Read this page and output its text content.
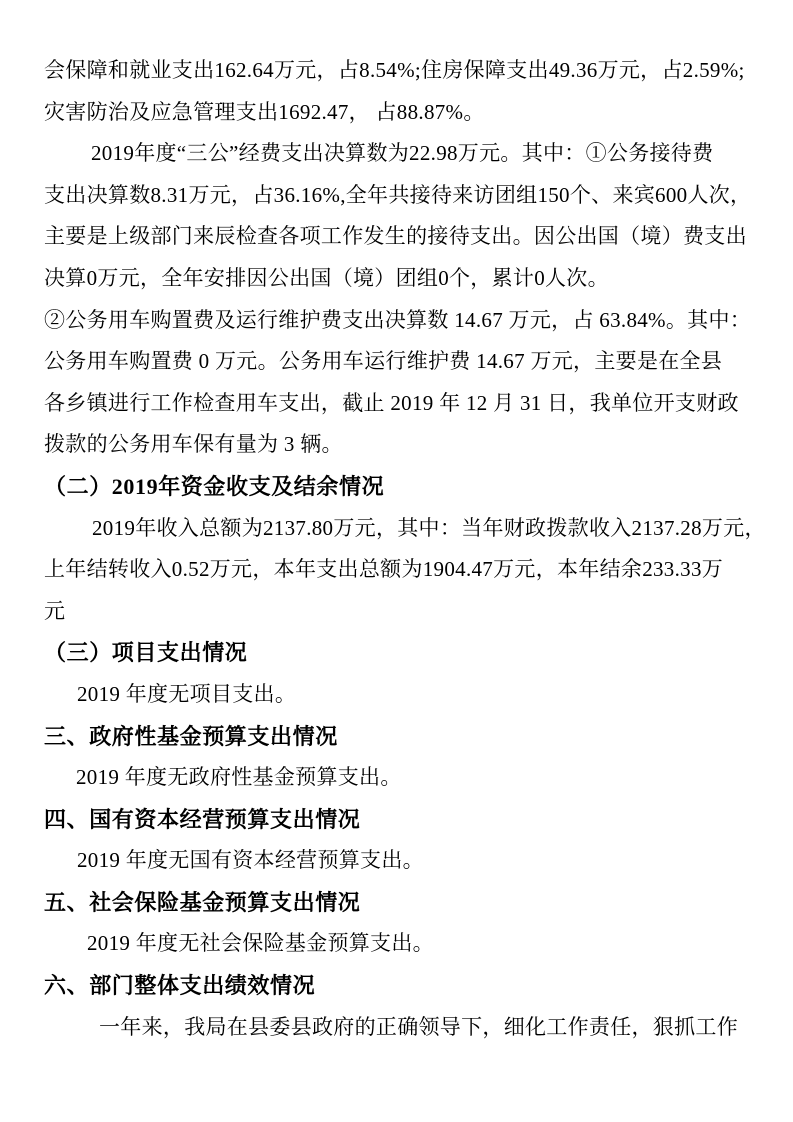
会保障和就业支出162.64万元，占8.54%;住房保障支出49.36万元，占2.59%;
灾害防治及应急管理支出1692.47， 占88.87%。
2019年度“三公”经费支出决算数为22.98万元。其中：①公务接待费
支出决算数8.31万元，占36.16%,全年共接待来访团组150个、来宾600人次，
主要是上级部门来辰检查各项工作发生的接待支出。因公出国（境）费支出
决算0万元，全年安排因公出国（境）团组0个，累计0人次。
②公务用车购置费及运行维护费支出决算数 14.67 万元，占 63.84%。其中：
公务用车购置费 0 万元。公务用车运行维护费 14.67 万元，主要是在全县
各乡镇进行工作检查用车支出，截止 2019 年 12 月 31 日，我单位开支财政
拨款的公务用车保有量为 3 辆。
（二）2019年资金收支及结余情况
2019年收入总额为2137.80万元，其中：当年财政拨款收入2137.28万元，
上年结转收入0.52万元，本年支出总额为1904.47万元，本年结余233.33万
元
（三）项目支出情况
2019 年度无项目支出。
三、政府性基金预算支出情况
2019 年度无政府性基金预算支出。
四、国有资本经营预算支出情况
2019 年度无国有资本经营预算支出。
五、社会保险基金预算支出情况
2019 年度无社会保险基金预算支出。
六、部门整体支出绩效情况
一年来，我局在县委县政府的正确领导下，细化工作责任，狠抓工作
